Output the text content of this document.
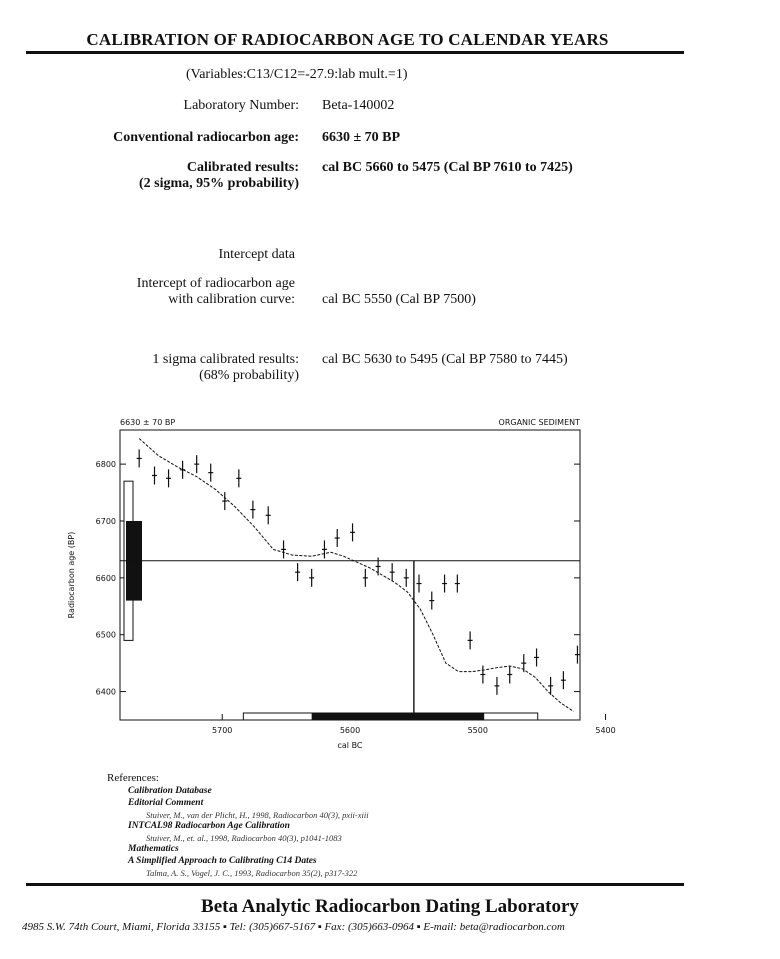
CALIBRATION OF RADIOCARBON AGE TO CALENDAR YEARS
(Variables:C13/C12=-27.9:lab mult.=1)
Laboratory Number: Beta-140002
Conventional radiocarbon age: 6630 ± 70 BP
Calibrated results:
(2 sigma, 95% probability)
cal BC 5660 to 5475 (Cal BP 7610 to 7425)
Intercept data
Intercept of radiocarbon age
with calibration curve: cal BC 5550 (Cal BP 7500)
1 sigma calibrated results:
(68% probability)
cal BC 5630 to 5495 (Cal BP 7580 to 7445)
6630 ± 70 BP	ORGANIC SEDIMENT
6400
6500
6600
6700
6800
5700	5600	5500	5400
cal BC
Radiocarbon age (BP)
References:
Calibration Database
Editorial Comment
Stuiver, M., van der Plicht, H., 1998, Radiocarbon 40(3), pxii-xiii
INTCAL98 Radiocarbon Age Calibration
Stuiver, M., et. al., 1998, Radiocarbon 40(3), p1041-1083
Mathematics
A Simplified Approach to Calibrating C14 Dates
Talma, A. S., Vogel, J. C., 1993, Radiocarbon 35(2), p317-322
Beta Analytic Radiocarbon Dating Laboratory
4985 S.W. 74th Court, Miami, Florida 33155 ▪ Tel: (305)667-5167 ▪ Fax: (305)663-0964 ▪ E-mail: beta@radiocarbon.com
